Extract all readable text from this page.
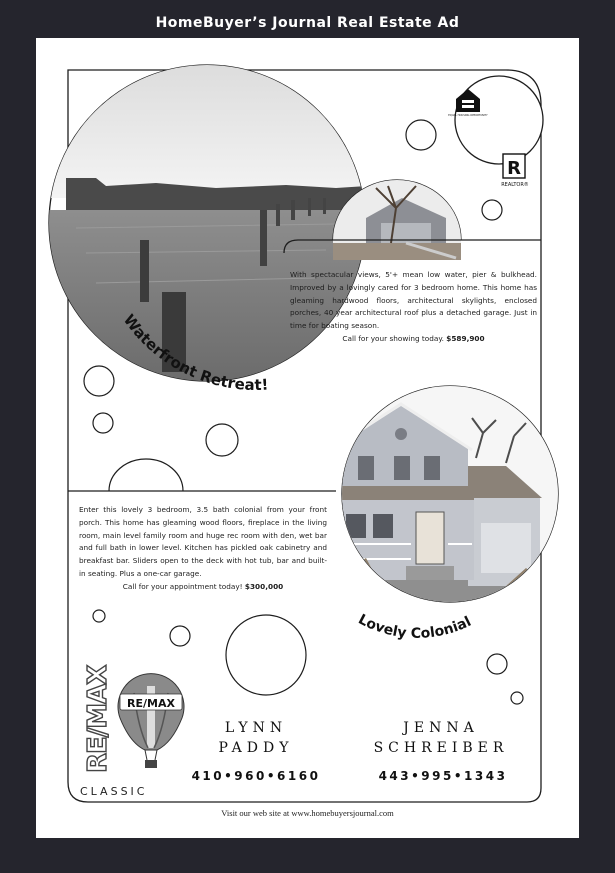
HomeBuyer’s Journal Real Estate Ad
EQUAL HOUSING OPPORTUNITY
R
REALTOR®
Waterfront Retreat!
Lovely Colonial
RE/MAX RE/MAX
With spectacular views, 5'+ mean low water, pier & bulkhead. Improved by a lovingly cared for 3 bedroom home. This home has gleaming hardwood floors, architectural skylights, enclosed porches, 40 year architectural roof plus a detached garage. Just in time for boating season.
Call for your showing today. $589,900
Enter this lovely 3 bedroom, 3.5 bath colonial from your front porch. This home has gleaming wood floors, fireplace in the living room, main level family room and huge rec room with den, wet bar and full bath in lower level. Kitchen has pickled oak cabinetry and breakfast bar. Sliders open to the deck with hot tub, bar and built-in seating. Plus a one-car garage.
Call for your appointment today! $300,000
CLASSIC
LYNN
PADDY
410•960•6160
JENNA
SCHREIBER
443•995•1343
Visit our web site at www.homebuyersjournal.com
